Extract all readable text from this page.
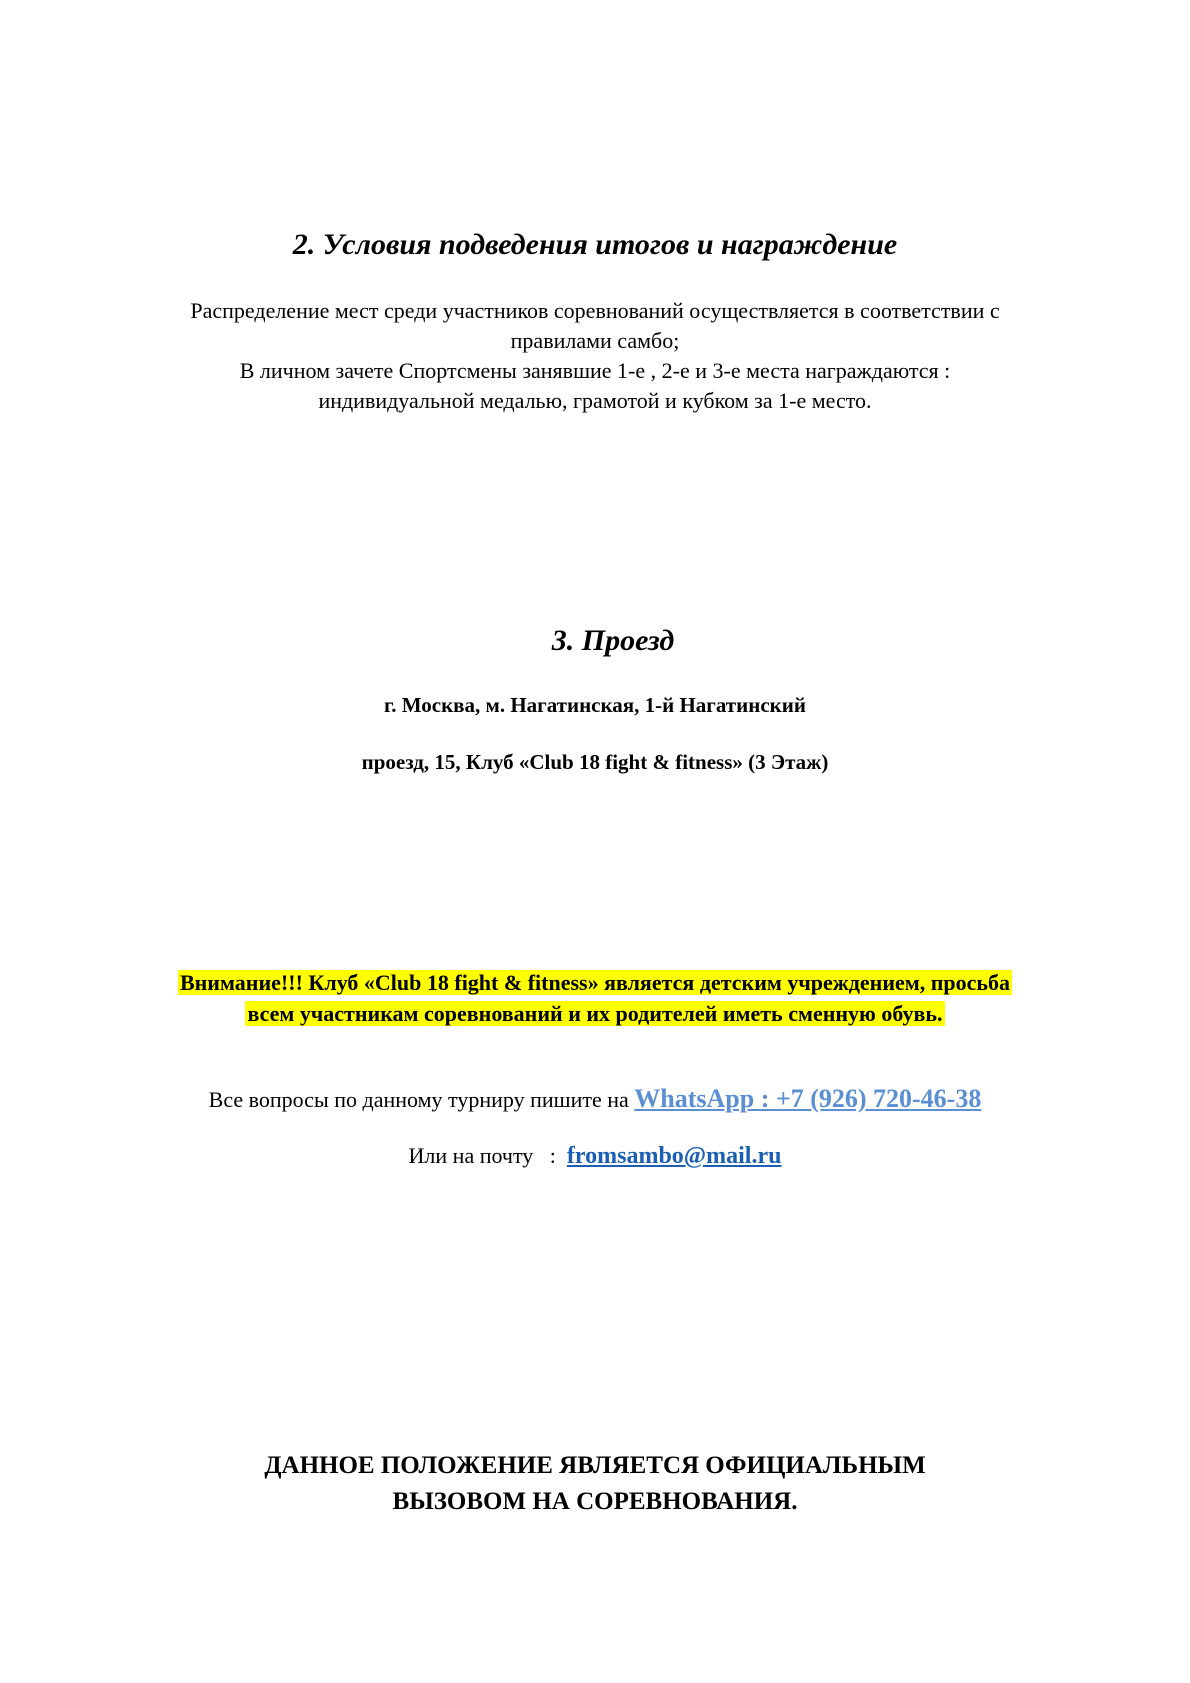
2. Условия подведения итогов и награждение
Распределение мест среди участников соревнований осуществляется в соответствии с
правилами самбо;
В личном зачете Спортсмены занявшие 1-е , 2-е и 3-е места награждаются :
индивидуальной медалью, грамотой и кубком за 1-е место.
3. Проезд
г. Москва, м. Нагатинская, 1-й Нагатинский
проезд, 15, Клуб «Club 18 fight & fitness» (3 Этаж)
Внимание!!! Клуб «Club 18 fight & fitness» является детским учреждением, просьба
всем участникам соревнований и их родителей иметь сменную обувь.
Все вопросы по данному турниру пишите на WhatsApp : +7 (926) 720-46-38
Или на почту   :  fromsambo@mail.ru
ДАННОЕ ПОЛОЖЕНИЕ ЯВЛЯЕТСЯ ОФИЦИАЛЬНЫМ
ВЫЗОВОМ НА СОРЕВНОВАНИЯ.
